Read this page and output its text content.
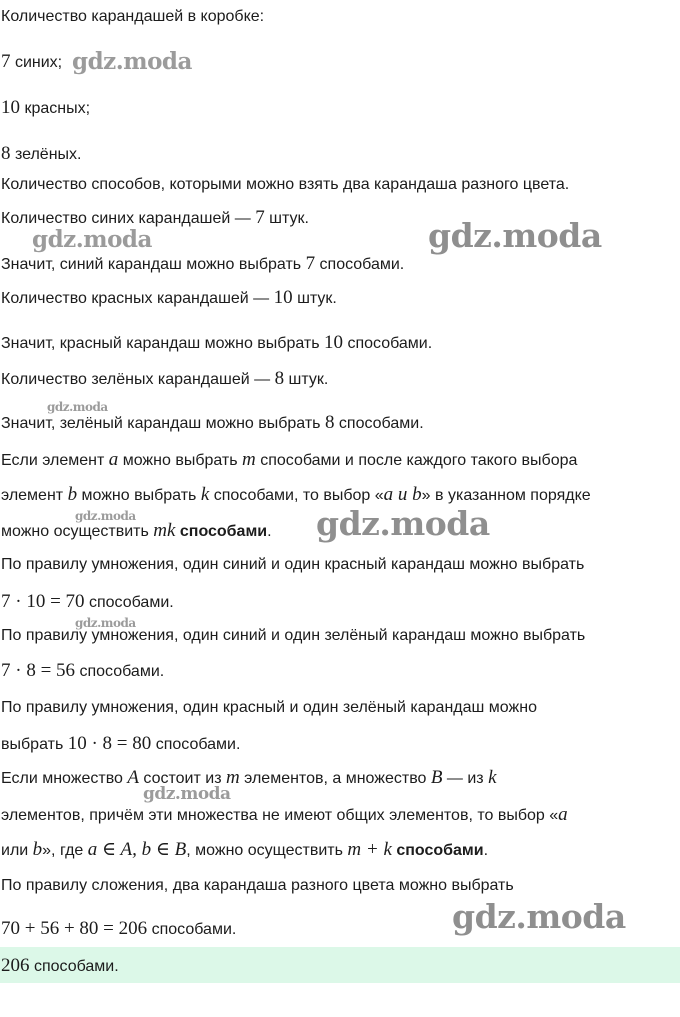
Количество карандашей в коробке:
7 синих;
10 красных;
8 зелёных.
Количество способов, которыми можно взять два карандаша разного цвета.
Количество синих карандашей — 7 штук.
Значит, синий карандаш можно выбрать 7 способами.
Количество красных карандашей — 10 штук.
Значит, красный карандаш можно выбрать 10 способами.
Количество зелёных карандашей — 8 штук.
Значит, зелёный карандаш можно выбрать 8 способами.
Если элемент a можно выбрать m способами и после каждого такого выбора
элемент b можно выбрать k способами, то выбор «a и b» в указанном порядке
можно осуществить mk способами.
По правилу умножения, один синий и один красный карандаш можно выбрать
7 · 10 = 70 способами.
По правилу умножения, один синий и один зелёный карандаш можно выбрать
7 · 8 = 56 способами.
По правилу умножения, один красный и один зелёный карандаш можно
выбрать 10 · 8 = 80 способами.
Если множество A состоит из m элементов, а множество B — из k
элементов, причём эти множества не имеют общих элементов, то выбор «a
или b», где a ∈ A, b ∈ B, можно осуществить m + k способами.
По правилу сложения, два карандаша разного цвета можно выбрать
70 + 56 + 80 = 206 способами.
206 способами.
gdz.moda
gdz.moda	gdz.moda
gdz.moda
gdz.moda	gdz.moda
gdz.moda
gdz.moda
gdz.moda
